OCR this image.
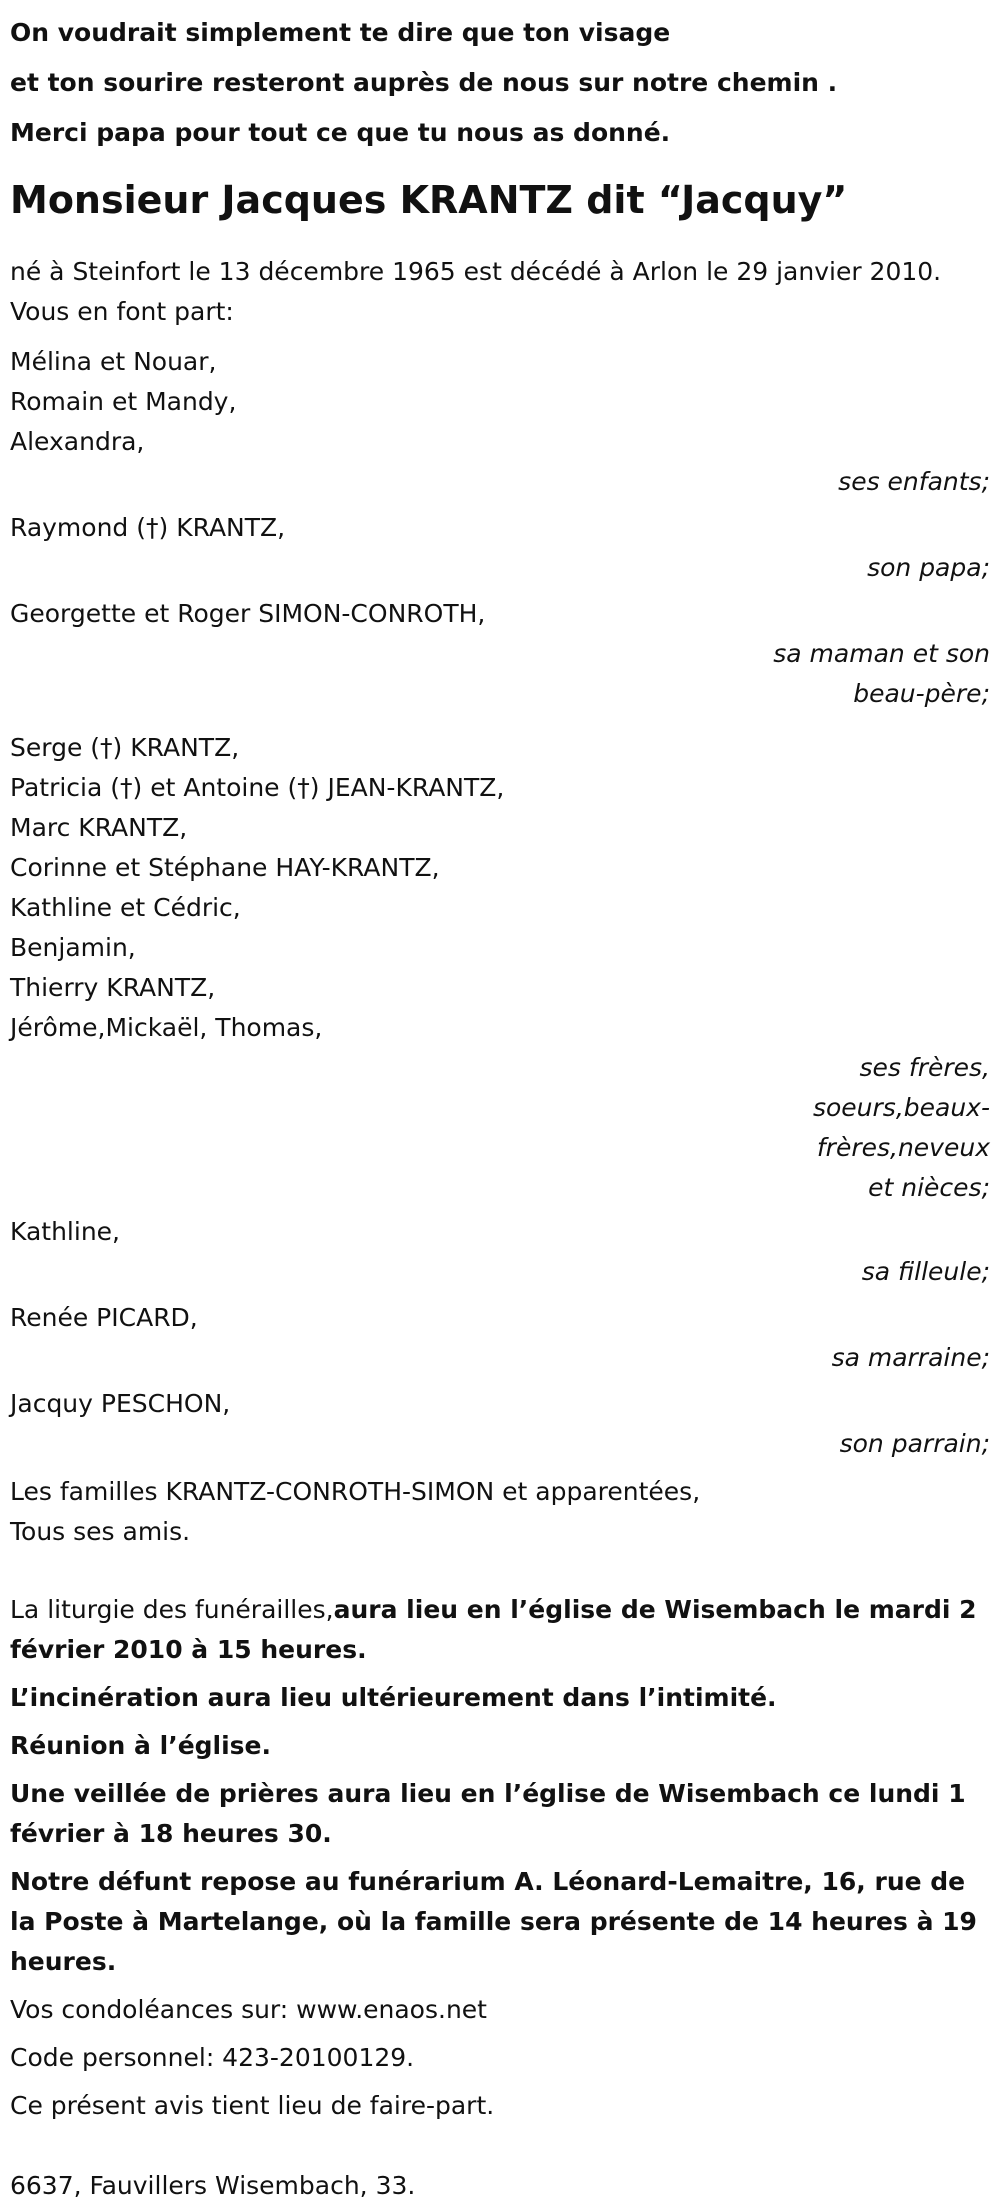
On voudrait simplement te dire que ton visage
et ton sourire resteront auprès de nous sur notre chemin .
Merci papa pour tout ce que tu nous as donné.
Monsieur Jacques KRANTZ dit “Jacquy”
né à Steinfort le 13 décembre 1965 est décédé à Arlon le 29 janvier 2010.
Vous en font part:
Mélina et Nouar,
Romain et Mandy,
Alexandra,
ses enfants;
Raymond (†) KRANTZ,
son papa;
Georgette et Roger SIMON-CONROTH,
sa maman et son beau-père;
Serge (†) KRANTZ,
Patricia (†) et Antoine (†) JEAN-KRANTZ,
Marc KRANTZ,
Corinne et Stéphane HAY-KRANTZ,
Kathline et Cédric,
Benjamin,
Thierry KRANTZ,
Jérôme,Mickaël, Thomas,
ses frères, soeurs,beaux-frères,neveux et nièces;
Kathline,
sa filleule;
Renée PICARD,
sa marraine;
Jacquy PESCHON,
son parrain;
Les familles KRANTZ-CONROTH-SIMON et apparentées,
Tous ses amis.
La liturgie des funérailles,aura lieu en l’église de Wisembach le mardi 2 février 2010 à 15 heures.
L’incinération aura lieu ultérieurement dans l’intimité.
Réunion à l’église.
Une veillée de prières aura lieu en l’église de Wisembach ce lundi 1 février à 18 heures 30.
Notre défunt repose au funérarium A. Léonard-Lemaitre, 16, rue de la Poste à Martelange, où la famille sera présente de 14 heures à 19 heures.
Vos condoléances sur: www.enaos.net
Code personnel: 423-20100129.
Ce présent avis tient lieu de faire-part.
6637, Fauvillers Wisembach, 33.
